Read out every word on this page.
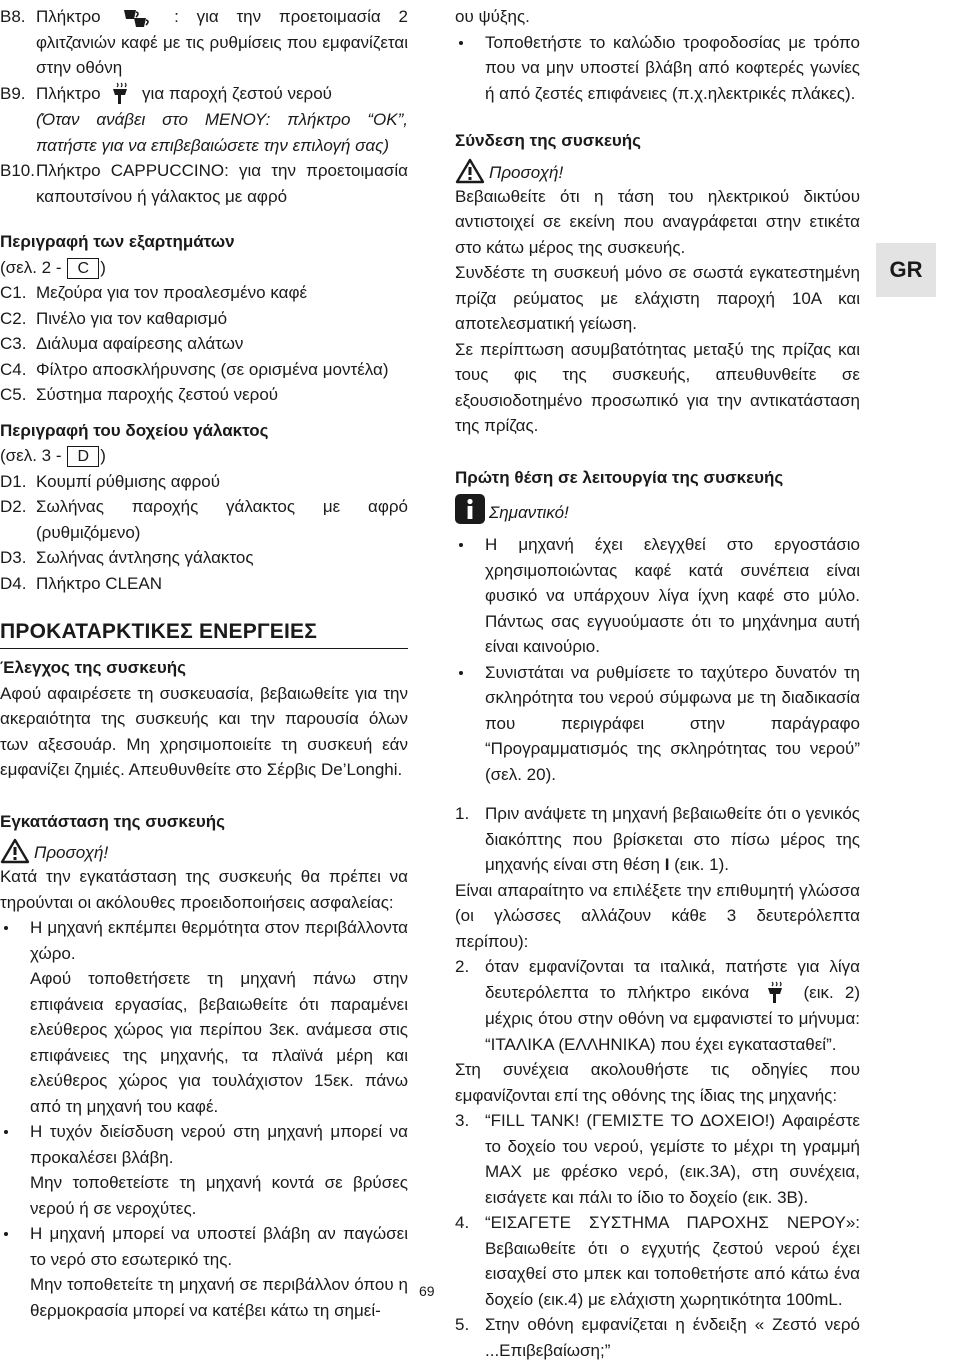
B8. Πλήκτρο	: για την προετοιμασία 2 φλιτζανιών καφέ με τις ρυθμίσεις που εμφανίζεται στην οθόνη
B9. Πλήκτρο για παροχή ζεστού νερού

(Όταν ανάβει στο ΜΕΝΟΥ: πλήκτρο “ΟΚ”, πατήστε για να επιβεβαιώσετε την επιλογή σας)

B10. Πλήκτρο CAPPUCCINO: για την προετοιμασία καπουτσίνου ή γάλακτος με αφρό

Περιγραφή των εξαρτημάτων

(σελ. 2 - C )

C1. Μεζούρα για τον προαλεσμένο καφέ
C2. Πινέλο για τον καθαρισμό
C3. Διάλυμα αφαίρεσης αλάτων
C4. Φίλτρο αποσκλήρυνσης (σε ορισμένα μοντέλα)
C5. Σύστημα παροχής ζεστού νερού

Περιγραφή του δοχείου γάλακτος

(σελ. 3 - D )

D1. Κουμπί ρύθμισης αφρού
D2. Σωλήνας παροχής γάλακτος με αφρό (ρυθμιζόμενο)
D3. Σωλήνας άντλησης γάλακτος
D4. Πλήκτρο CLEAN

ΠΡΟΚΑΤΑΡΚΤΙΚΕΣ ΕΝΕΡΓΕΙΕΣ

Έλεγχος της συσκευής

Αφού αφαιρέσετε τη συσκευασία, βεβαιωθείτε για την ακεραιότητα της συσκευής και την παρουσία όλων των αξεσουάρ. Μη χρησιμοποιείτε τη συσκευή εάν εμφανίζει ζημιές. Απευθυνθείτε στο Σέρβις De’Longhi.

Εγκατάσταση της συσκευής

Προσοχή!

Κατά την εγκατάσταση της συσκευής θα πρέπει να τηρούνται οι ακόλουθες προειδοποιήσεις ασφαλείας:

Η μηχανή εκπέμπει θερμότητα στον περιβάλλοντα χώρο.

Αφού τοποθετήσετε τη μηχανή πάνω στην επιφάνεια εργασίας, βεβαιωθείτε ότι παραμένει ελεύθερος χώρος για περίπου 3εκ. ανάμεσα στις επιφάνειες της μηχανής, τα πλαϊνά μέρη και ελεύθερος χώρος για τουλάχιστον 15εκ. πάνω από τη μηχανή του καφέ.

Η τυχόν διείσδυση νερού στη μηχανή μπορεί να προκαλέσει βλάβη.

Μην τοποθετείστε τη μηχανή κοντά σε βρύσες νερού ή σε νεροχύτες.

Η μηχανή μπορεί να υποστεί βλάβη αν παγώσει το νερό στο εσωτερικό της.

Μην τοποθετείτε τη μηχανή σε περιβάλλον όπου η θερμοκρασία μπορεί να κατέβει κάτω τη σημεί-

ου ψύξης.

Τοποθετήστε το καλώδιο τροφοδοσίας με τρόπο που να μην υποστεί βλάβη από κοφτερές γωνίες ή από ζεστές επιφάνειες (π.χ.ηλεκτρικές πλάκες).

Σύνδεση της συσκευής

Προσοχή!

Βεβαιωθείτε ότι η τάση του ηλεκτρικού δικτύου αντιστοιχεί σε εκείνη που αναγράφεται στην ετικέτα στο κάτω μέρος της συσκευής.

Συνδέστε τη συσκευή μόνο σε σωστά εγκατεστημένη πρίζα ρεύματος με ελάχιστη παροχή 10A και αποτελεσματική γείωση.

Σε περίπτωση ασυμβατότητας μεταξύ της πρίζας και τους φις της συσκευής, απευθυνθείτε σε εξουσιοδοτημένο προσωπικό για την αντικατάσταση της πρίζας.

Πρώτη θέση σε λειτουργία της συσκευής

Σημαντικό!
Η μηχανή έχει ελεγχθεί στο εργοστάσιο χρησιμοποιώντας καφέ κατά συνέπεια είναι φυσικό να υπάρχουν λίγα ίχνη καφέ στο μύλο. Πάντως σας εγγυούμαστε ότι το μηχάνημα αυτή είναι καινούριο.
Συνιστάται να ρυθμίσετε το ταχύτερο δυνατόν τη σκληρότητα του νερού σύμφωνα με τη διαδικασία που περιγράφει στην παράγραφο “Προγραμματισμός της σκληρότητας του νερού” (σελ. 20).
1. Πριν ανάψετε τη μηχανή βεβαιωθείτε ότι ο γενικός διακόπτης που βρίσκεται στο πίσω μέρος της μηχανής είναι στη θέση I (εικ. 1).

Είναι απαραίτητο να επιλέξετε την επιθυμητή γλώσσα (οι γλώσσες αλλάζουν κάθε 3 δευτερόλεπτα περίπου):

2. όταν εμφανίζονται τα ιταλικά, πατήστε για λίγα δευτερόλεπτα το πλήκτρο εικόνα	(εικ. 2) μέχρις ότου στην οθόνη να εμφανιστεί το μήνυμα: “ΙΤΑΛΙΚΑ (ΕΛΛΗΝΙΚΑ) που έχει εγκατασταθεί”.

Στη συνέχεια ακολουθήστε τις οδηγίες που εμφανίζονται επί της οθόνης της ίδιας της μηχανής:

3. “FILL TANK! (ΓΕΜΙΣΤΕ ΤΟ ΔΟΧΕΙΟ!) Αφαιρέστε το δοχείο του νερού, γεμίστε το μέχρι τη γραμμή MAX με φρέσκο νερό, (εικ.3A), στη συνέχεια, εισάγετε και πάλι το ίδιο το δοχείο (εικ. 3B).
4. “ΕΙΣΑΓΕΤΕ ΣΥΣΤΗΜΑ ΠΑΡΟΧΗΣ ΝΕΡΟΥ»: Βεβαιωθείτε ότι ο εγχυτής ζεστού νερού έχει εισαχθεί στο μπεκ και τοποθετήστε από κάτω ένα δοχείο (εικ.4) με ελάχιστη χωρητικότητα 100mL.
5. Στην οθόνη εμφανίζεται η ένδειξη « Ζεστό νερό ...Επιβεβαίωση;”
GR
69
